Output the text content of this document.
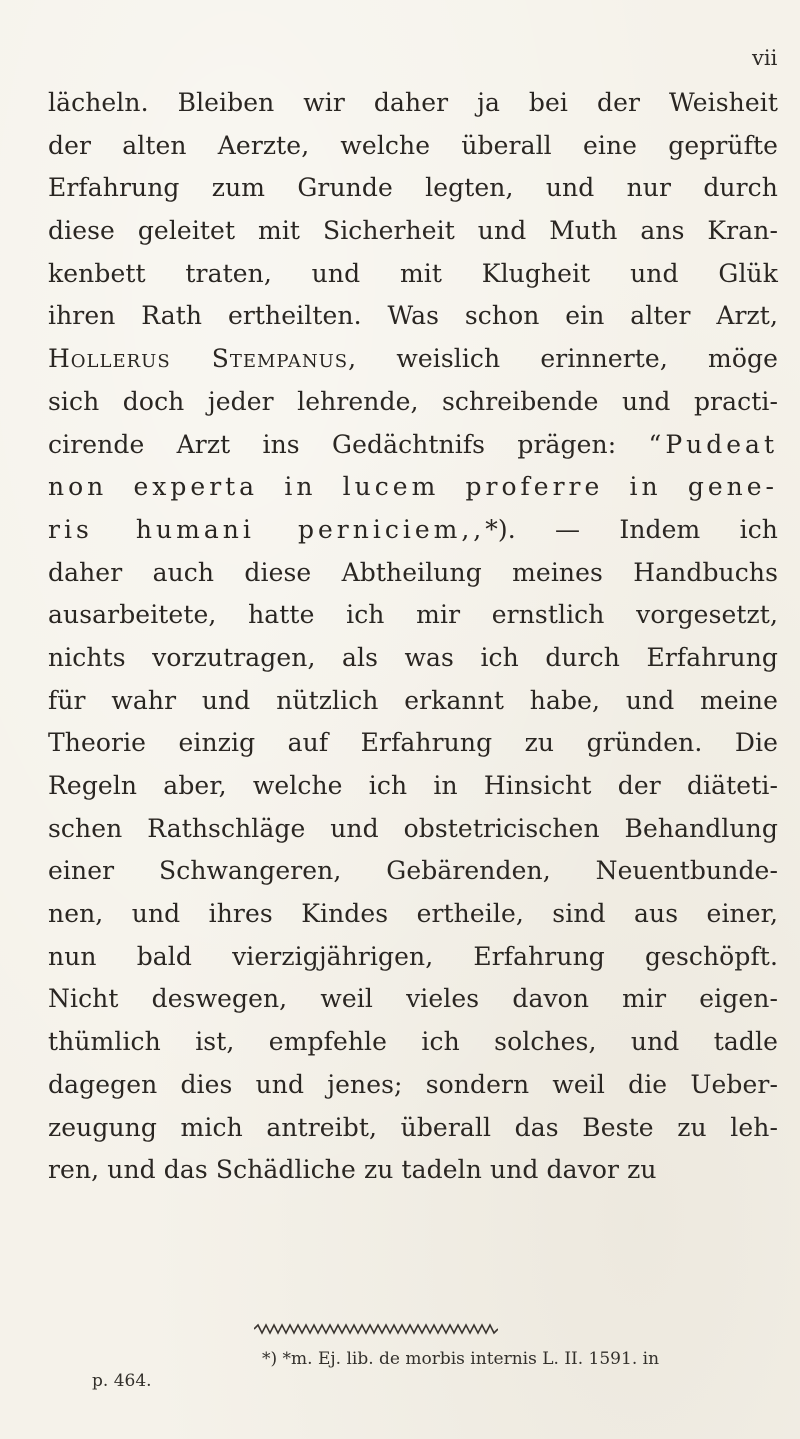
vii
lächeln. Bleiben wir daher ja bei der Weisheit
der alten Aerzte, welche überall eine geprüfte
Erfahrung zum Grunde legten, und nur durch
diese geleitet mit Sicherheit und Muth ans Kran-
kenbett traten, und mit Klugheit und Glük
ihren Rath ertheilten. Was schon ein alter Arzt,
Hollerus Stempanus, weislich erinnerte, möge
sich doch jeder lehrende, schreibende und practi-
cirende Arzt ins Gedächtnifs prägen: “Pudeat
non experta in lucem proferre in gene-
ris humani perniciem,,*). — Indem ich
daher auch diese Abtheilung meines Handbuchs
ausarbeitete, hatte ich mir ernstlich vorgesetzt,
nichts vorzutragen, als was ich durch Erfahrung
für wahr und nützlich erkannt habe, und meine
Theorie einzig auf Erfahrung zu gründen. Die
Regeln aber, welche ich in Hinsicht der diäteti-
schen Rathschläge und obstetricischen Behandlung
einer Schwangeren, Gebärenden, Neuentbunde-
nen, und ihres Kindes ertheile, sind aus einer,
nun bald vierzigjährigen, Erfahrung geschöpft.
Nicht deswegen, weil vieles davon mir eigen-
thümlich ist, empfehle ich solches, und tadle
dagegen dies und jenes; sondern weil die Ueber-
zeugung mich antreibt, überall das Beste zu leh-
ren, und das Schädliche zu tadeln und davor zu
*) *m. Ej. lib. de morbis internis L. II. 1591. in
p. 464.
